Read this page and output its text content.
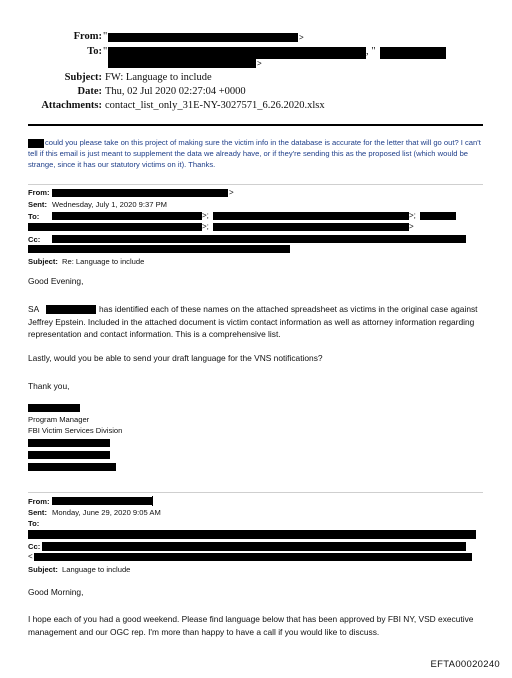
From: "	>
To: "	, "
>
Subject: FW: Language to include
Date: Thu, 02 Jul 2020 02:27:04 +0000
Attachments: contact_list_only_31E-NY-3027571_6.26.2020.xlsx
could you please take on this project of making sure the victim info in the database is accurate for the letter that will go out? I can't tell if this email is just meant to supplement the data we already have, or if they're sending this as the proposed list (which would be strange, since it has our statutory victims on it). Thanks.
From:	>
Sent: Wednesday, July 1, 2020 9:37 PM
To:	>;	>;
>;	>
Cc:
Subject: Re: Language to include
Good Evening,
SA	has identified each of these names on the attached spreadsheet as victims in the original case against Jeffrey Epstein. Included in the attached document is victim contact information as well as attorney information regarding representation and contact information. This is a comprehensive list.
Lastly, would you be able to send your draft language for the VNS notifications?
Thank you,
Program Manager
FBI Victim Services Division
From:
Sent: Monday, June 29, 2020 9:05 AM
To:
Cc:
<
Subject: Language to include
Good Morning,
I hope each of you had a good weekend. Please find language below that has been approved by FBI NY, VSD executive management and our OGC rep. I'm more than happy to have a call if you would like to discuss.
EFTA00020240
